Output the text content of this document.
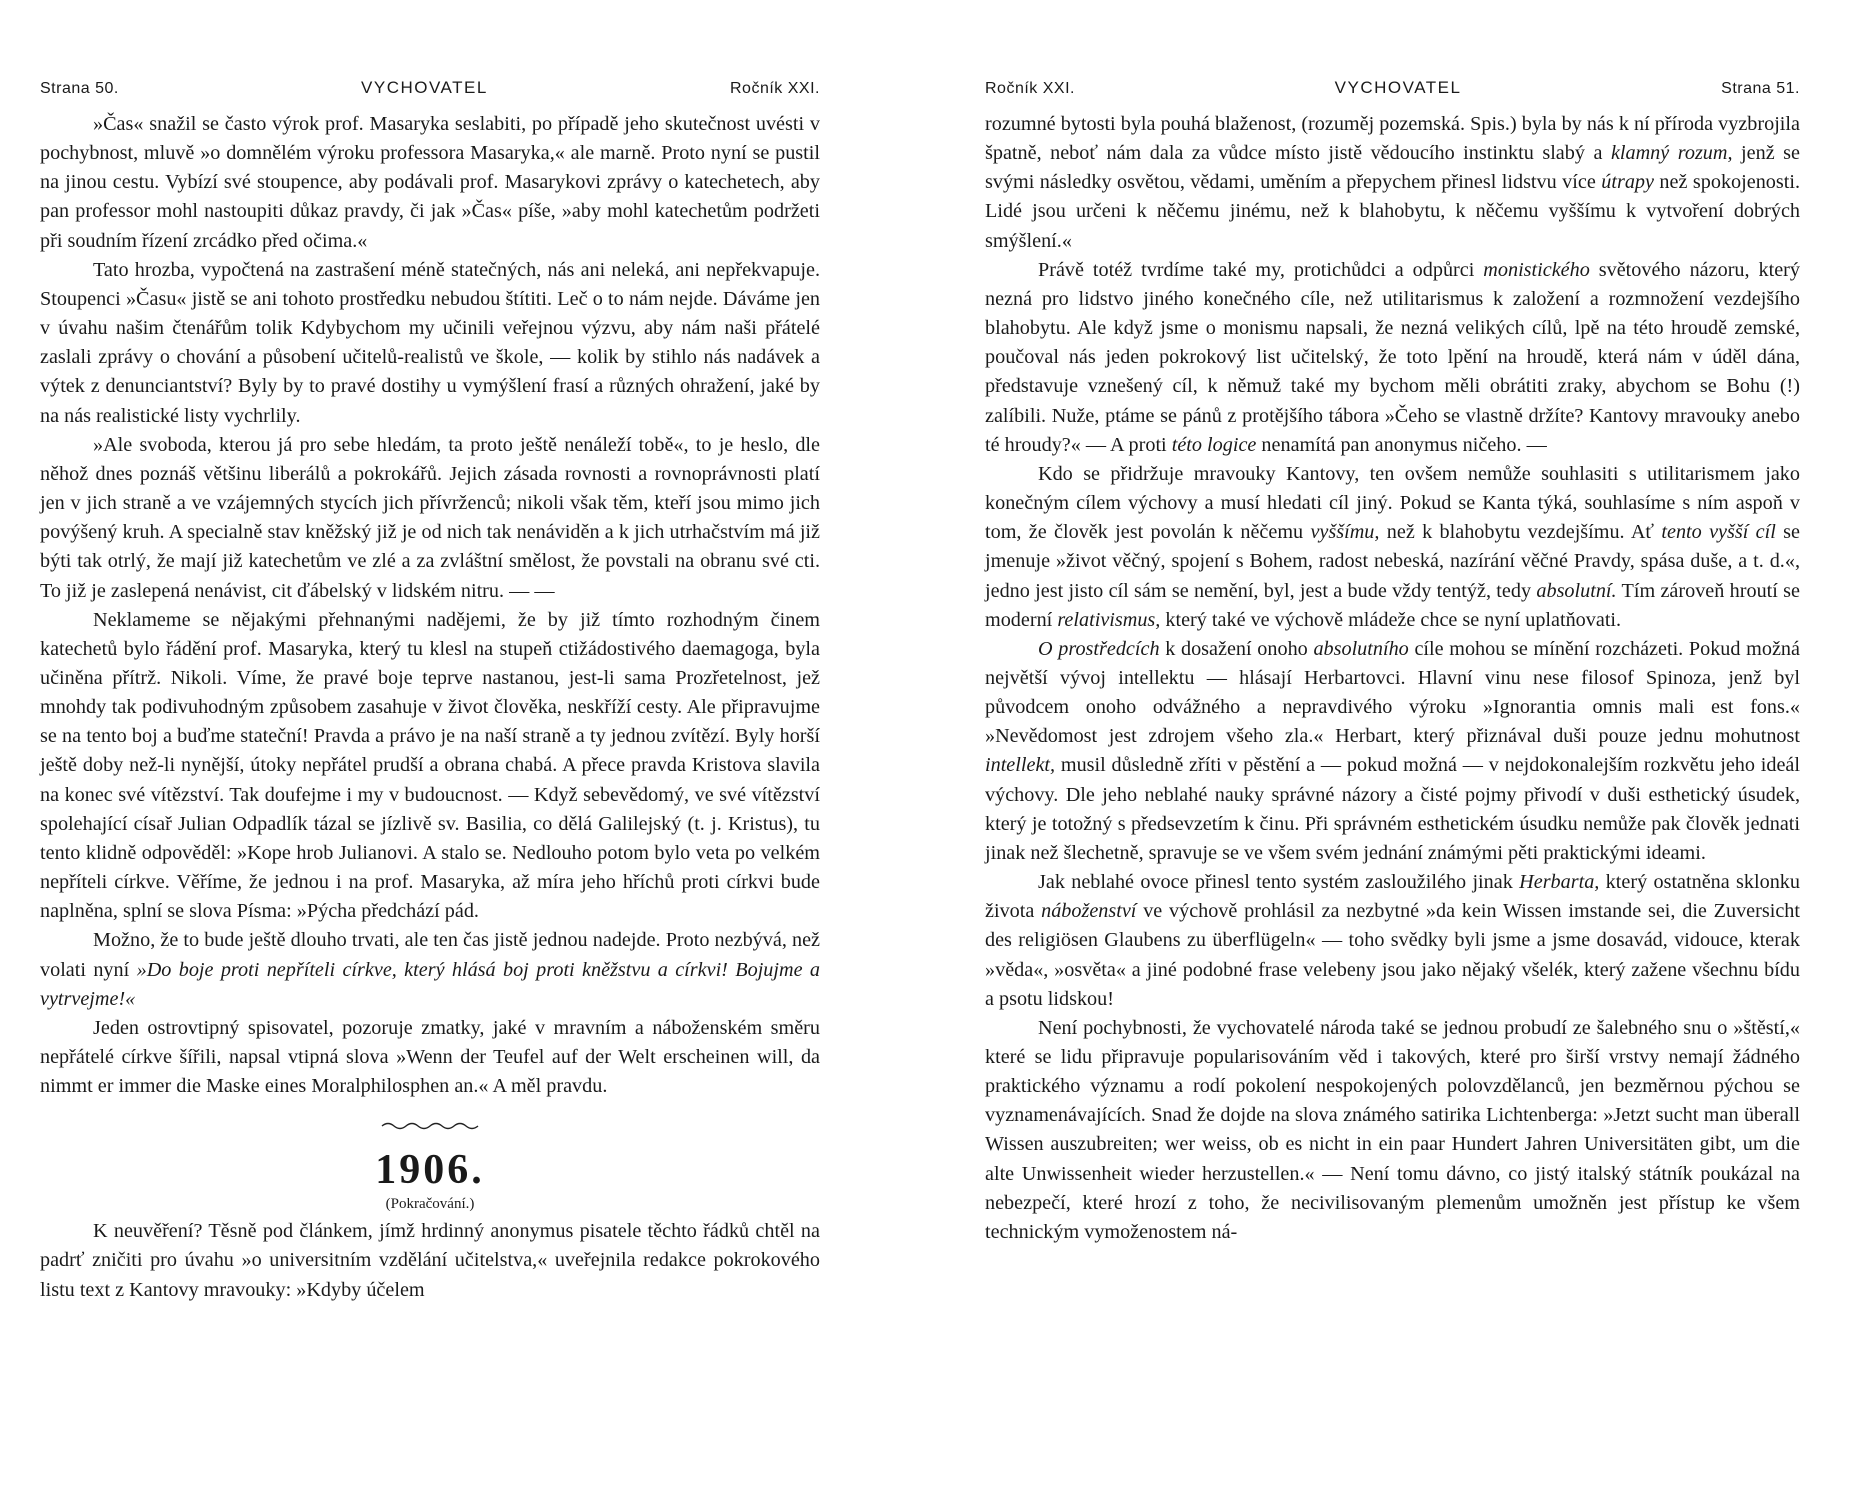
Strana 50.	VYCHOVATEL	Ročník XXI.

»Čas« snažil se často výrok prof. Masaryka seslabiti, po případě jeho skutečnost uvésti v pochybnost, mluvě »o domnělém výroku professora Masaryka,« ale marně. Proto nyní se pustil na jinou cestu. Vybízí své stoupence, aby podávali prof. Masarykovi zprávy o katechetech, aby pan professor mohl nastoupiti důkaz pravdy, či jak »Čas« píše, »aby mohl katechetům podržeti při soudním řízení zrcádko před očima.«

Tato hrozba, vypočtená na zastrašení méně statečných, nás ani neleká, ani nepřekvapuje. Stoupenci »Času« jistě se ani tohoto prostředku nebudou štítiti. Leč o to nám nejde. Dáváme jen v úvahu našim čtenářům tolik Kdybychom my učinili veřejnou výzvu, aby nám naši přátelé zaslali zprávy o chování a působení učitelů-realistů ve škole, — kolik by stihlo nás nadávek a výtek z denunciantství? Byly by to pravé dostihy u vymýšlení frasí a různých ohražení, jaké by na nás realistické listy vychrlily.

»Ale svoboda, kterou já pro sebe hledám, ta proto ještě nenáleží tobě«, to je heslo, dle něhož dnes poznáš většinu liberálů a pokrokářů. Jejich zásada rovnosti a rovnoprávnosti platí jen v jich straně a ve vzájemných stycích jich přívrženců; nikoli však těm, kteří jsou mimo jich povýšený kruh. A specialně stav kněžský již je od nich tak nenáviděn a k jich utrhačstvím má již býti tak otrlý, že mají již katechetům ve zlé a za zvláštní smělost, že povstali na obranu své cti. To již je zaslepená nenávist, cit ďábelský v lidském nitru. — —

Neklameme se nějakými přehnanými nadějemi, že by již tímto rozhodným činem katechetů bylo řádění prof. Masaryka, který tu klesl na stupeň ctižádostivého daemagoga, byla učiněna přítrž. Nikoli. Víme, že pravé boje teprve nastanou, jest-li sama Prozřetelnost, jež mnohdy tak podivuhodným způsobem zasahuje v život člověka, neskříží cesty. Ale připravujme se na tento boj a buďme stateční! Pravda a právo je na naší straně a ty jednou zvítězí. Byly horší ještě doby než-li nynější, útoky nepřátel prudší a obrana chabá. A přece pravda Kristova slavila na konec své vítězství. Tak doufejme i my v budoucnost. — Když sebevědomý, ve své vítězství spolehající císař Julian Odpadlík tázal se jízlivě sv. Basilia, co dělá Galilejský (t. j. Kristus), tu tento klidně odpověděl: »Kope hrob Julianovi. A stalo se. Nedlouho potom bylo veta po velkém nepříteli církve. Věříme, že jednou i na prof. Masaryka, až míra jeho hříchů proti církvi bude naplněna, splní se slova Písma: »Pýcha předchází pád.

Možno, že to bude ještě dlouho trvati, ale ten čas jistě jednou nadejde. Proto nezbývá, než volati nyní »Do boje proti nepříteli církve, který hlásá boj proti kněžstvu a církvi! Bojujme a vytrvejme!«

Jeden ostrovtipný spisovatel, pozoruje zmatky, jaké v mravním a náboženském směru nepřátelé církve šířili, napsal vtipná slova »Wenn der Teufel auf der Welt erscheinen will, da nimmt er immer die Maske eines Moralphilosphen an.« A měl pravdu.

1906.
(Pokračování.)

K neuvěření? Těsně pod článkem, jímž hrdinný anonymus pisatele těchto řádků chtěl na padrť zničiti pro úvahu »o universitním vzdělání učitelstva,« uveřejnila redakce pokrokového listu text z Kantovy mravouky: »Kdyby účelem

Ročník XXI.	VYCHOVATEL	Strana 51.

rozumné bytosti byla pouhá blaženost, (rozuměj pozemská. Spis.) byla by nás k ní příroda vyzbrojila špatně, neboť nám dala za vůdce místo jistě vědoucího instinktu slabý a klamný rozum, jenž se svými následky osvětou, vědami, uměním a přepychem přinesl lidstvu více útrapy než spokojenosti. Lidé jsou určeni k něčemu jinému, než k blahobytu, k něčemu vyššímu k vytvoření dobrých smýšlení.«

Právě totéž tvrdíme také my, protichůdci a odpůrci monistického světového názoru, který nezná pro lidstvo jiného konečného cíle, než utilitarismus k založení a rozmnožení vezdejšího blahobytu. Ale když jsme o monismu napsali, že nezná velikých cílů, lpě na této hroudě zemské, poučoval nás jeden pokrokový list učitelský, že toto lpění na hroudě, která nám v úděl dána, představuje vznešený cíl, k němuž také my bychom měli obrátiti zraky, abychom se Bohu (!) zalíbili. Nuže, ptáme se pánů z protějšího tábora »Čeho se vlastně držíte? Kantovy mravouky anebo té hroudy?« — A proti této logice nenamítá pan anonymus ničeho. —

Kdo se přidržuje mravouky Kantovy, ten ovšem nemůže souhlasiti s utilitarismem jako konečným cílem výchovy a musí hledati cíl jiný. Pokud se Kanta týká, souhlasíme s ním aspoň v tom, že člověk jest povolán k něčemu vyššímu, než k blahobytu vezdejšímu. Ať tento vyšší cíl se jmenuje »život věčný, spojení s Bohem, radost nebeská, nazírání věčné Pravdy, spása duše, a t. d.«, jedno jest jisto cíl sám se nemění, byl, jest a bude vždy tentýž, tedy absolutní. Tím zároveň hroutí se moderní relativismus, který také ve výchově mládeže chce se nyní uplatňovati.

O prostředcích k dosažení onoho absolutního cíle mohou se mínění rozcházeti. Pokud možná největší vývoj intellektu — hlásají Herbartovci. Hlavní vinu nese filosof Spinoza, jenž byl původcem onoho odvážného a nepravdivého výroku »Ignorantia omnis mali est fons.« »Nevědomost jest zdrojem všeho zla.« Herbart, který přiznával duši pouze jednu mohutnost intellekt, musil důsledně zříti v pěstění a — pokud možná — v nejdokonalejším rozkvětu jeho ideál výchovy. Dle jeho neblahé nauky správné názory a čisté pojmy přivodí v duši esthetický úsudek, který je totožný s předsevzetím k činu. Při správném esthetickém úsudku nemůže pak člověk jednati jinak než šlechetně, spravuje se ve všem svém jednání známými pěti praktickými ideami.

Jak neblahé ovoce přinesl tento systém zasloužilého jinak Herbarta, který ostatněna sklonku života náboženství ve výchově prohlásil za nezbytné »da kein Wissen imstande sei, die Zuversicht des religiösen Glaubens zu überflügeln« — toho svědky byli jsme a jsme dosavád, vidouce, kterak »věda«, »osvěta« a jiné podobné frase velebeny jsou jako nějaký všelék, který zažene všechnu bídu a psotu lidskou!

Není pochybnosti, že vychovatelé národa také se jednou probudí ze šalebného snu o »štěstí,« které se lidu připravuje popularisováním věd i takových, které pro širší vrstvy nemají žádného praktického významu a rodí pokolení nespokojených polovzdělanců, jen bezměrnou pýchou se vyznamenávajících. Snad že dojde na slova známého satirika Lichtenberga: »Jetzt sucht man überall Wissen auszubreiten; wer weiss, ob es nicht in ein paar Hundert Jahren Universitäten gibt, um die alte Unwissenheit wieder herzustellen.« — Není tomu dávno, co jistý italský státník poukázal na nebezpečí, které hrozí z toho, že necivilisovaným plemenům umožněn jest přístup ke všem technickým vymoženostem ná-
